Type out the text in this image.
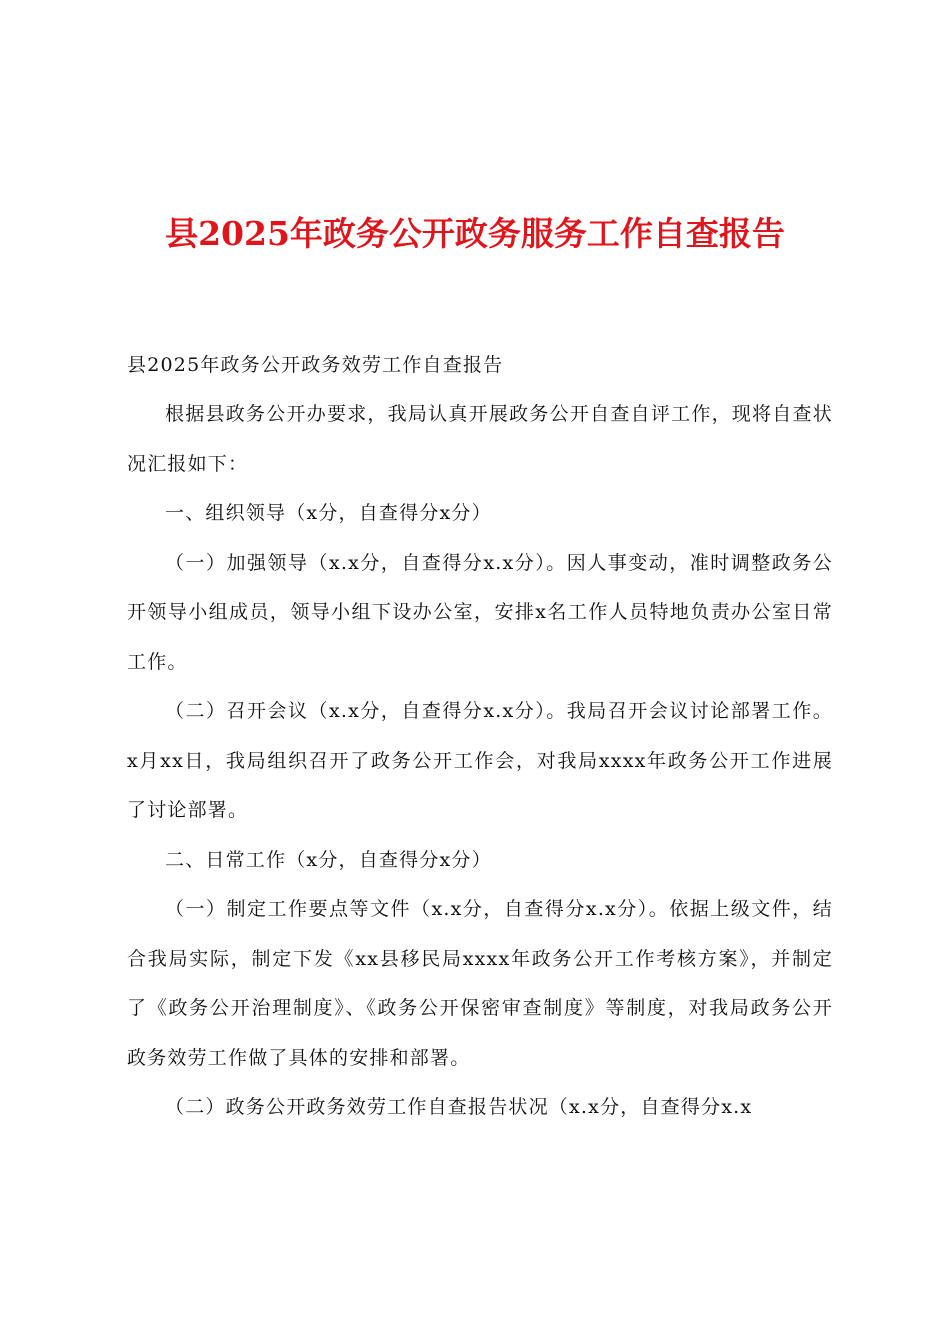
县2025年政务公开政务服务工作自查报告
县2025年政务公开政务效劳工作自查报告

根据县政务公开办要求，我局认真开展政务公开自查自评工作，现将自查状况汇报如下：

一、组织领导（x分，自查得分x分）

（一）加强领导（x.x分，自查得分x.x分）。因人事变动，准时调整政务公开领导小组成员，领导小组下设办公室，安排x名工作人员特地负责办公室日常工作。

（二）召开会议（x.x分，自查得分x.x分）。我局召开会议讨论部署工作。x月xx日，我局组织召开了政务公开工作会，对我局xxxx年政务公开工作进展了讨论部署。

二、日常工作（x分，自查得分x分）

（一）制定工作要点等文件（x.x分，自查得分x.x分）。依据上级文件，结合我局实际，制定下发《xx县移民局xxxx年政务公开工作考核方案》，并制定了《政务公开治理制度》、《政务公开保密审查制度》等制度，对我局政务公开政务效劳工作做了具体的安排和部署。

（二）政务公开政务效劳工作自查报告状况（x.x分，自查得分x.x
